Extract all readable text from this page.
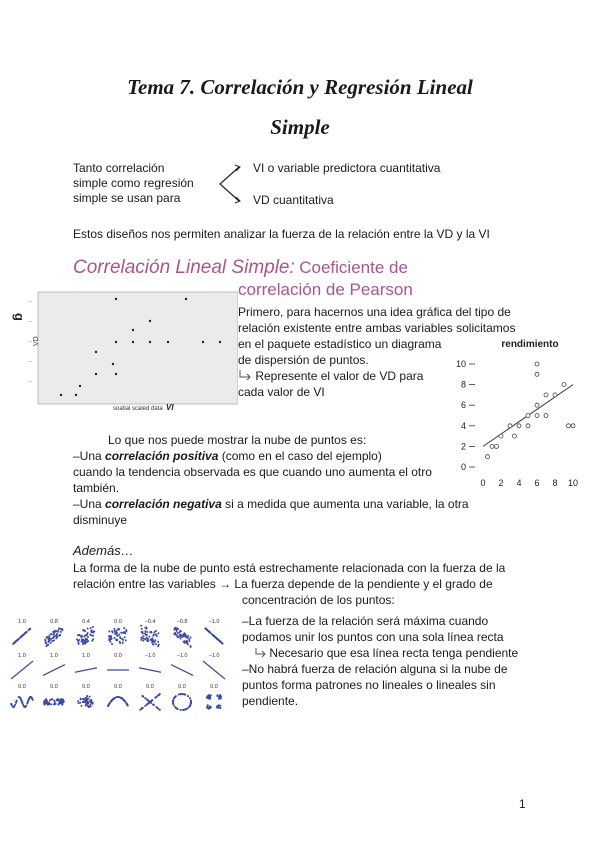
Tema 7. Correlación y Regresión Lineal
Simple
Tanto correlación
simple como regresión
simple se usan para
VI o variable predictora cuantitativa
VD cuantitativa
Estos diseños nos permiten analizar la fuerza de la relación entre la VD y la VI
Correlación Lineal Simple: Coeficiente de
correlación de Pearson
VD
g
—
—
—
—
—
spatial scaled data VI
Primero, para hacernos una idea gráfica del tipo de
relación existente entre ambas variables solicitamos
en el paquete estadístico un diagrama
de dispersión de puntos.
Represente el valor de VD para
cada valor de VI
rendimiento
0
2
4
6
8
10
0 2 4 6 8 10
Lo que nos puede mostrar la nube de puntos es:
–Una correlación positiva (como en el caso del ejemplo)
cuando la tendencia observada es que cuando uno aumenta el otro
también.
–Una correlación negativa si a medida que aumenta una variable, la otra
disminuye
Además…
La forma de la nube de punto está estrechamente relacionada con la fuerza de la
relación entre las variables → La fuerza depende de la pendiente y el grado de
concentración de los puntos:
–La fuerza de la relación será máxima cuando
podamos unir los puntos con una sola línea recta
Necesario que esa línea recta tenga pendiente
–No habrá fuerza de relación alguna si la nube de
puntos forma patrones no lineales o lineales sin
pendiente.
1.0	0.8	0.4	0.0	−0.4	−0.8	−1.0
1.0	1.0	1.0	0.0	−1.0	−1.0	−1.0
0.0	0.0	0.0	0.0	0.0	0.0	0.0
1
